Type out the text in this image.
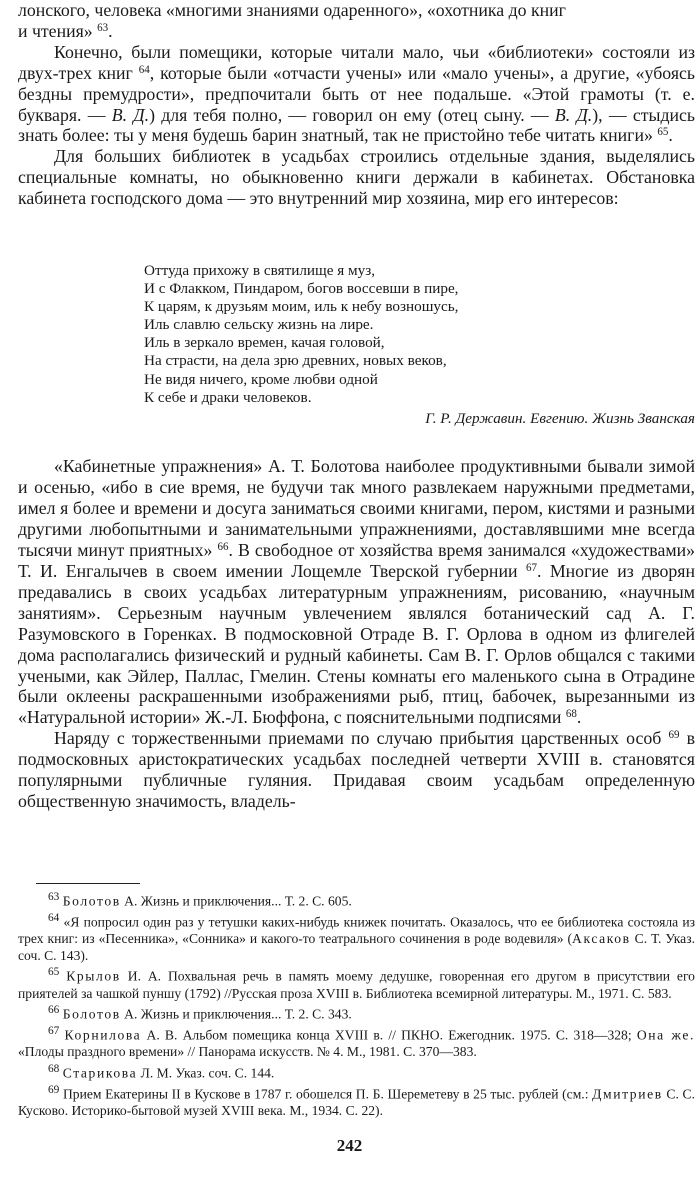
лонского, человека «многими знаниями одаренного», «охотника до книг
и чтения» $^{63}$.

Конечно, были помещики, которые читали мало, чьи «библиотеки» состояли из двух-трех книг $^{64}$, которые были «отчасти учены» или «мало учены», а другие, «убоясь бездны премудрости», предпочитали быть от нее подальше. «Этой грамоты (т. е. букваря. — В. Д.) для тебя полно, — говорил он ему (отец сыну. — В. Д.), — стыдись знать более: ты у меня будешь барин знатный, так не пристойно тебе читать книги» $^{65}$.

Для больших библиотек в усадьбах строились отдельные здания, выделялись специальные комнаты, но обыкновенно книги держали в кабинетах. Обстановка кабинета господского дома — это внутренний мир хозяина, мир его интересов:

Оттуда прихожу в святилище я муз,
И с Флакком, Пиндаром, богов воссевши в пире,
К царям, к друзьям моим, иль к небу возношусь,
Иль славлю сельску жизнь на лире.
Иль в зеркало времен, качая головой,
На страсти, на дела зрю древних, новых веков,
Не видя ничего, кроме любви одной
К себе и драки человеков.
Г. Р. Державин. Евгению. Жизнь Званская

«Кабинетные упражнения» А. Т. Болотова наиболее продуктивными бывали зимой и осенью, «ибо в сие время, не будучи так много развлекаем наружными предметами, имел я более и времени и досуга заниматься своими книгами, пером, кистями и разными другими любопытными и занимательными упражнениями, доставлявшими мне всегда тысячи минут приятных» $^{66}$. В свободное от хозяйства время занимался «художествами» Т. И. Енгалычев в своем имении Лощемле Тверской губернии $^{67}$. Многие из дворян предавались в своих усадьбах литературным упражнениям, рисованию, «научным занятиям». Серьезным научным увлечением являлся ботанический сад А. Г. Разумовского в Горенках. В подмосковной Отраде В. Г. Орлова в одном из флигелей дома располагались физический и рудный кабинеты. Сам В. Г. Орлов общался с такими учеными, как Эйлер, Паллас, Гмелин. Стены комнаты его маленького сына в Отрадине были оклеены раскрашенными изображениями рыб, птиц, бабочек, вырезанными из «Натуральной истории» Ж.-Л. Бюффона, с пояснительными подписями $^{68}$.

Наряду с торжественными приемами по случаю прибытия царственных особ $^{69}$ в подмосковных аристократических усадьбах последней четверти XVIII в. становятся популярными публичные гуляния. Придавая своим усадьбам определенную общественную значимость, владель-

$^{63}$ Болотов А. Жизнь и приключения... Т. 2. С. 605.

$^{64}$ «Я попросил один раз у тетушки каких-нибудь книжек почитать. Оказалось, что ее библиотека состояла из трех книг: из «Песенника», «Сонника» и какого-то театрального сочинения в роде водевиля» (Аксаков С. Т. Указ. соч. С. 143).

$^{65}$ Крылов И. А. Похвальная речь в память моему дедушке, говоренная его другом в присутствии его приятелей за чашкой пуншу (1792) //Русская проза XVIII в. Библиотека всемирной литературы. М., 1971. С. 583.

$^{66}$ Болотов А. Жизнь и приключения... Т. 2. С. 343.

$^{67}$ Корнилова А. В. Альбом помещика конца XVIII в. // ПКНО. Ежегодник. 1975. С. 318—328; Она же. «Плоды праздного времени» // Панорама искусств. № 4. М., 1981. С. 370—383.

$^{68}$ Старикова Л. М. Указ. соч. С. 144.

$^{69}$ Прием Екатерины II в Кускове в 1787 г. обошелся П. Б. Шереметеву в 25 тыс. рублей (см.: Дмитриев С. С. Кусково. Историко-бытовой музей XVIII века. М., 1934. С. 22).

242
